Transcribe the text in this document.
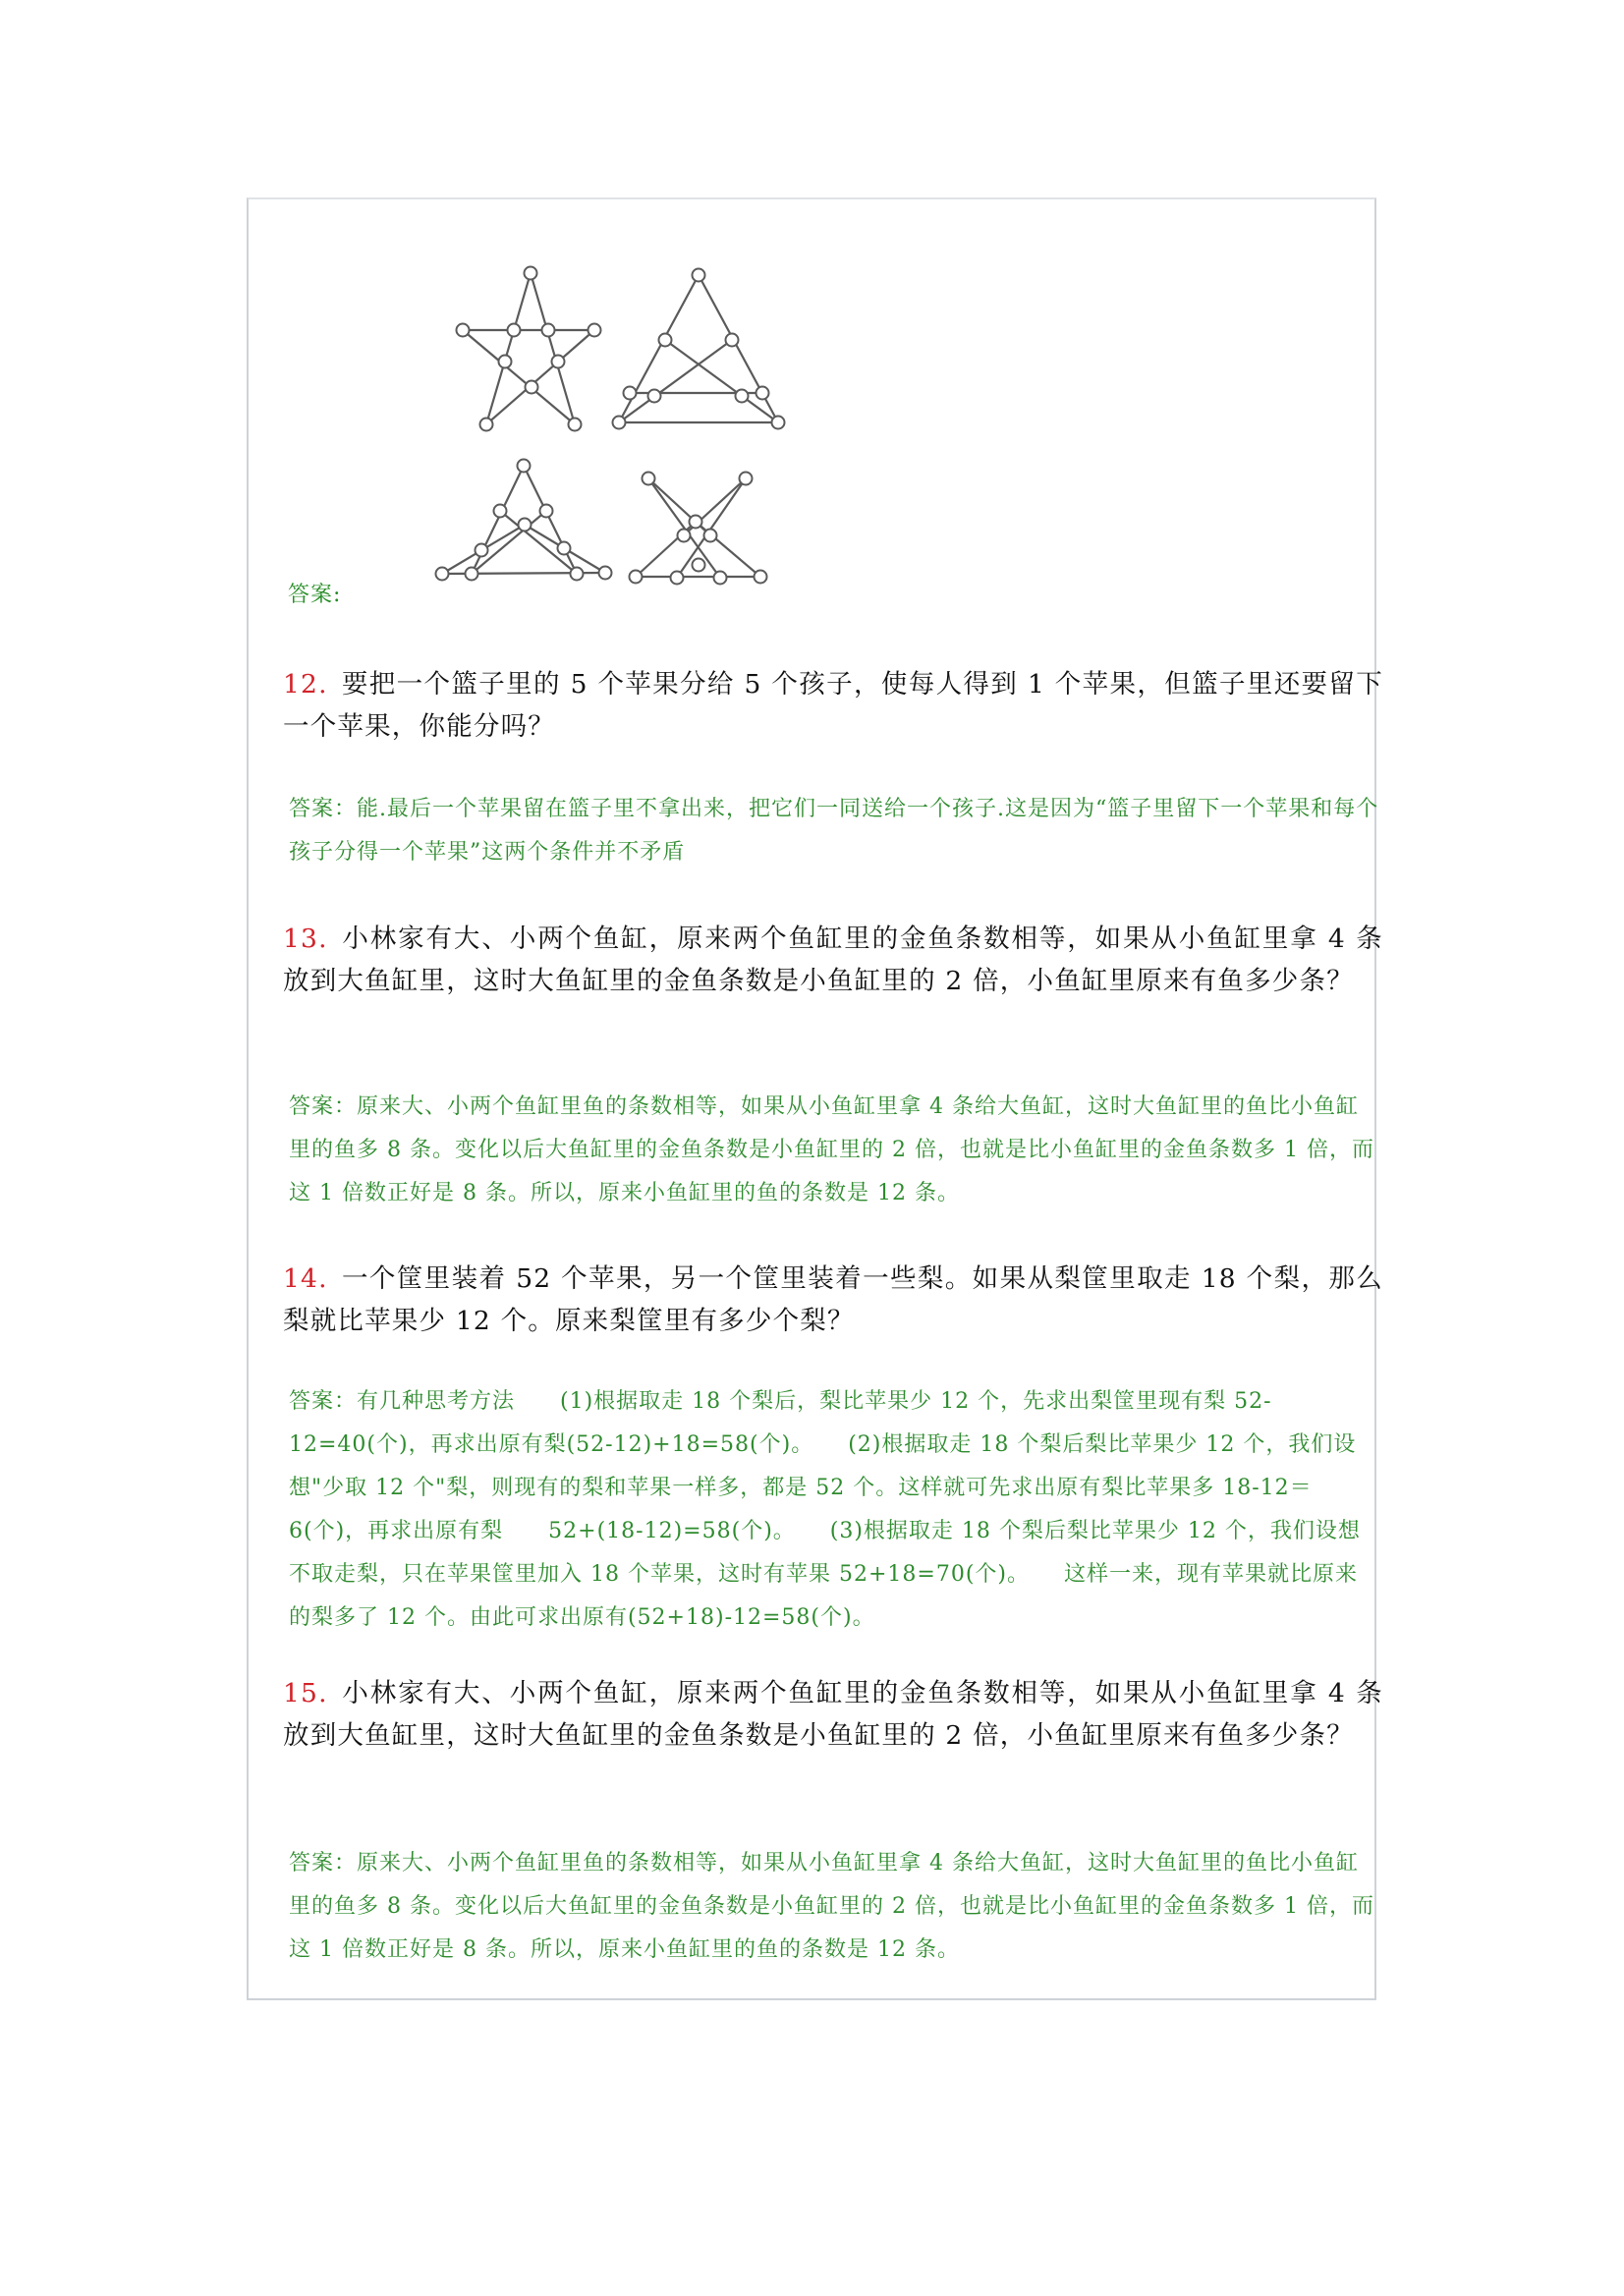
答案:
12. 要把一个篮子里的 5 个苹果分给 5 个孩子，使每人得到 1 个苹果，但篮子里还要留下一个苹果，你能分吗？
答案：能.最后一个苹果留在篮子里不拿出来，把它们一同送给一个孩子.这是因为“篮子里留下一个苹果和每个孩子分得一个苹果”这两个条件并不矛盾
13. 小林家有大、小两个鱼缸，原来两个鱼缸里的金鱼条数相等，如果从小鱼缸里拿 4 条放到大鱼缸里，这时大鱼缸里的金鱼条数是小鱼缸里的 2 倍，小鱼缸里原来有鱼多少条？
答案：原来大、小两个鱼缸里鱼的条数相等，如果从小鱼缸里拿 4 条给大鱼缸，这时大鱼缸里的鱼比小鱼缸里的鱼多 8 条。变化以后大鱼缸里的金鱼条数是小鱼缸里的 2 倍，也就是比小鱼缸里的金鱼条数多 1 倍，而这 1 倍数正好是 8 条。所以，原来小鱼缸里的鱼的条数是 12 条。
14. 一个筐里装着 52 个苹果，另一个筐里装着一些梨。如果从梨筐里取走 18 个梨，那么梨就比苹果少 12 个。原来梨筐里有多少个梨？
答案：有几种思考方法　　(1)根据取走 18 个梨后，梨比苹果少 12 个，先求出梨筐里现有梨 52-12=40(个)，再求出原有梨(52-12)+18=58(个)。　　(2)根据取走 18 个梨后梨比苹果少 12 个，我们设想"少取 12 个"梨，则现有的梨和苹果一样多，都是 52 个。这样就可先求出原有梨比苹果多 18-12＝6(个)，再求出原有梨　　52+(18-12)=58(个)。　　(3)根据取走 18 个梨后梨比苹果少 12 个，我们设想不取走梨，只在苹果筐里加入 18 个苹果，这时有苹果 52+18=70(个)。　　这样一来，现有苹果就比原来的梨多了 12 个。由此可求出原有(52+18)-12=58(个)。
15. 小林家有大、小两个鱼缸，原来两个鱼缸里的金鱼条数相等，如果从小鱼缸里拿 4 条放到大鱼缸里，这时大鱼缸里的金鱼条数是小鱼缸里的 2 倍，小鱼缸里原来有鱼多少条？
答案：原来大、小两个鱼缸里鱼的条数相等，如果从小鱼缸里拿 4 条给大鱼缸，这时大鱼缸里的鱼比小鱼缸里的鱼多 8 条。变化以后大鱼缸里的金鱼条数是小鱼缸里的 2 倍，也就是比小鱼缸里的金鱼条数多 1 倍，而这 1 倍数正好是 8 条。所以，原来小鱼缸里的鱼的条数是 12 条。
